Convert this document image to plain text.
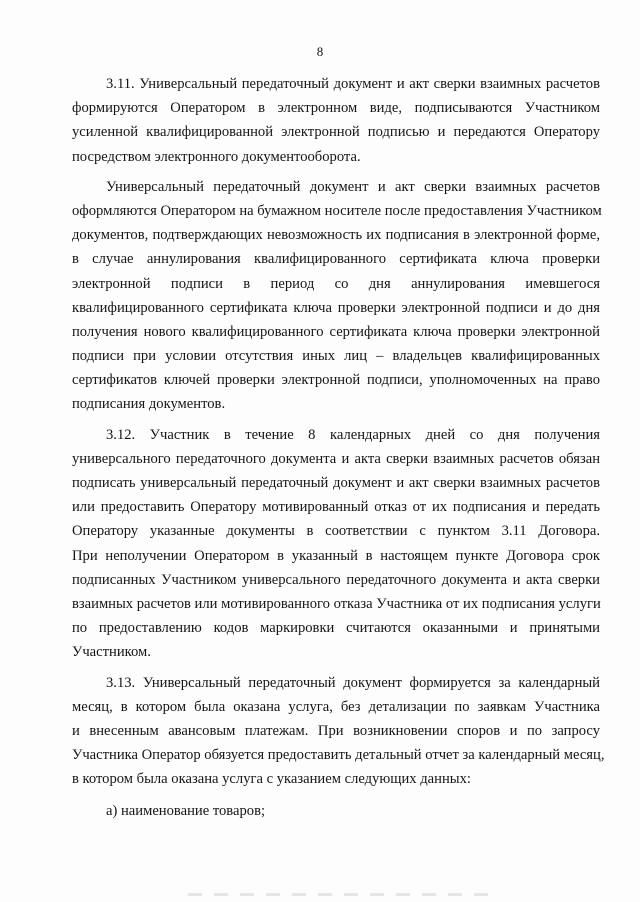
8
3.11. Универсальный передаточный документ и акт сверки взаимных расчетов
формируются Оператором в электронном виде, подписываются Участником
усиленной квалифицированной электронной подписью и передаются Оператору
посредством электронного документооборота.
Универсальный передаточный документ и акт сверки взаимных расчетов
оформляются Оператором на бумажном носителе после предоставления Участником
документов, подтверждающих невозможность их подписания в электронной форме,
в случае аннулирования квалифицированного сертификата ключа проверки
электронной подписи в период со дня аннулирования имевшегося
квалифицированного сертификата ключа проверки электронной подписи и до дня
получения нового квалифицированного сертификата ключа проверки электронной
подписи при условии отсутствия иных лиц – владельцев квалифицированных
сертификатов ключей проверки электронной подписи, уполномоченных на право
подписания документов.
3.12. Участник в течение 8 календарных дней со дня получения
универсального передаточного документа и акта сверки взаимных расчетов обязан
подписать универсальный передаточный документ и акт сверки взаимных расчетов
или предоставить Оператору мотивированный отказ от их подписания и передать
Оператору указанные документы в соответствии с пунктом 3.11 Договора.
При неполучении Оператором в указанный в настоящем пункте Договора срок
подписанных Участником универсального передаточного документа и акта сверки
взаимных расчетов или мотивированного отказа Участника от их подписания услуги
по предоставлению кодов маркировки считаются оказанными и принятыми
Участником.
3.13. Универсальный передаточный документ формируется за календарный
месяц, в котором была оказана услуга, без детализации по заявкам Участника
и внесенным авансовым платежам. При возникновении споров и по запросу
Участника Оператор обязуется предоставить детальный отчет за календарный месяц,
в котором была оказана услуга с указанием следующих данных:
а) наименование товаров;
